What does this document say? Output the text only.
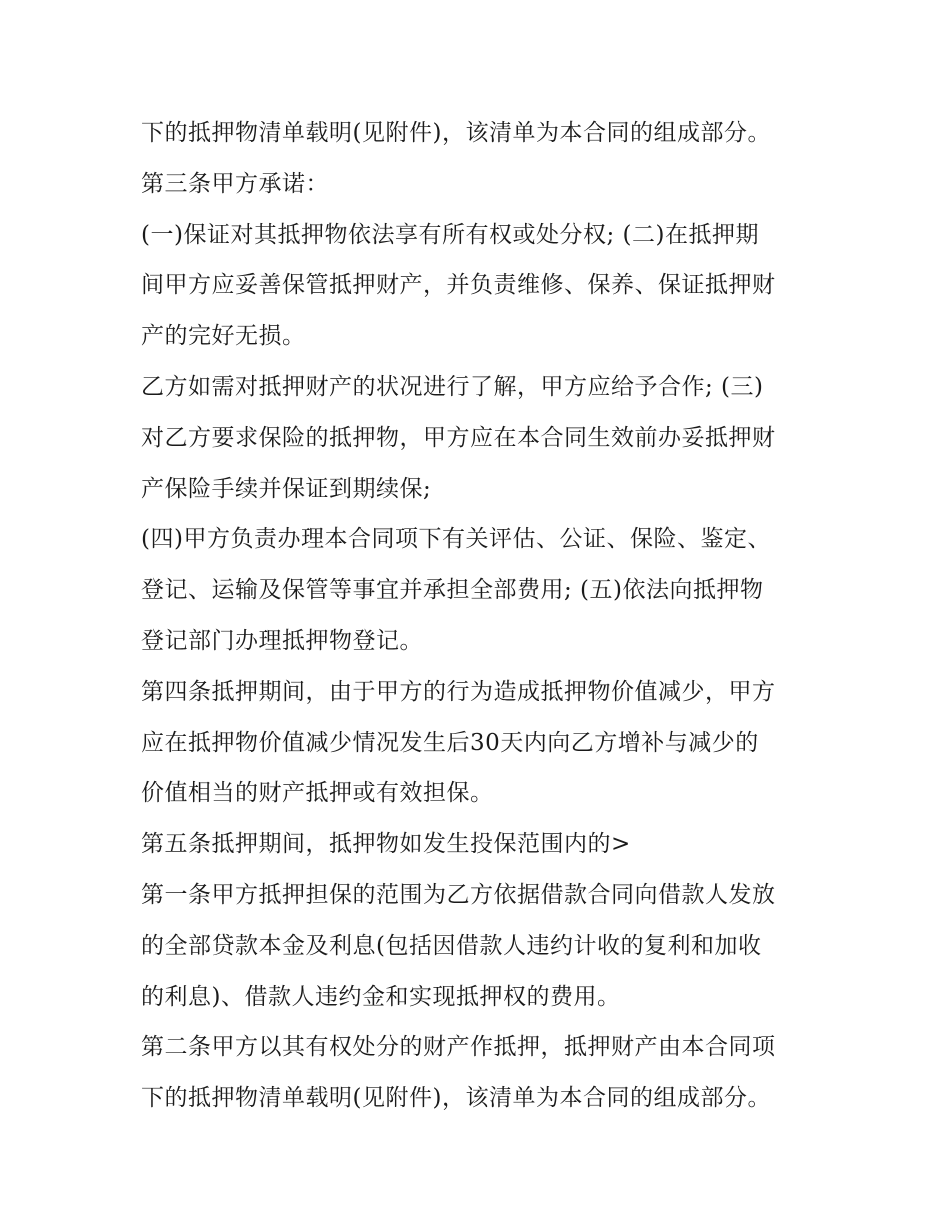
下的抵押物清单载明(见附件)，该清单为本合同的组成部分。
第三条甲方承诺：
(一)保证对其抵押物依法享有所有权或处分权; (二)在抵押期
间甲方应妥善保管抵押财产，并负责维修、保养、保证抵押财
产的完好无损。
乙方如需对抵押财产的状况进行了解，甲方应给予合作; (三)
对乙方要求保险的抵押物，甲方应在本合同生效前办妥抵押财
产保险手续并保证到期续保;
(四)甲方负责办理本合同项下有关评估、公证、保险、鉴定、
登记、运输及保管等事宜并承担全部费用; (五)依法向抵押物
登记部门办理抵押物登记。
第四条抵押期间，由于甲方的行为造成抵押物价值减少，甲方
应在抵押物价值减少情况发生后30天内向乙方增补与减少的
价值相当的财产抵押或有效担保。
第五条抵押期间，抵押物如发生投保范围内的>
第一条甲方抵押担保的范围为乙方依据借款合同向借款人发放
的全部贷款本金及利息(包括因借款人违约计收的复利和加收
的利息)、借款人违约金和实现抵押权的费用。
第二条甲方以其有权处分的财产作抵押，抵押财产由本合同项
下的抵押物清单载明(见附件)，该清单为本合同的组成部分。
